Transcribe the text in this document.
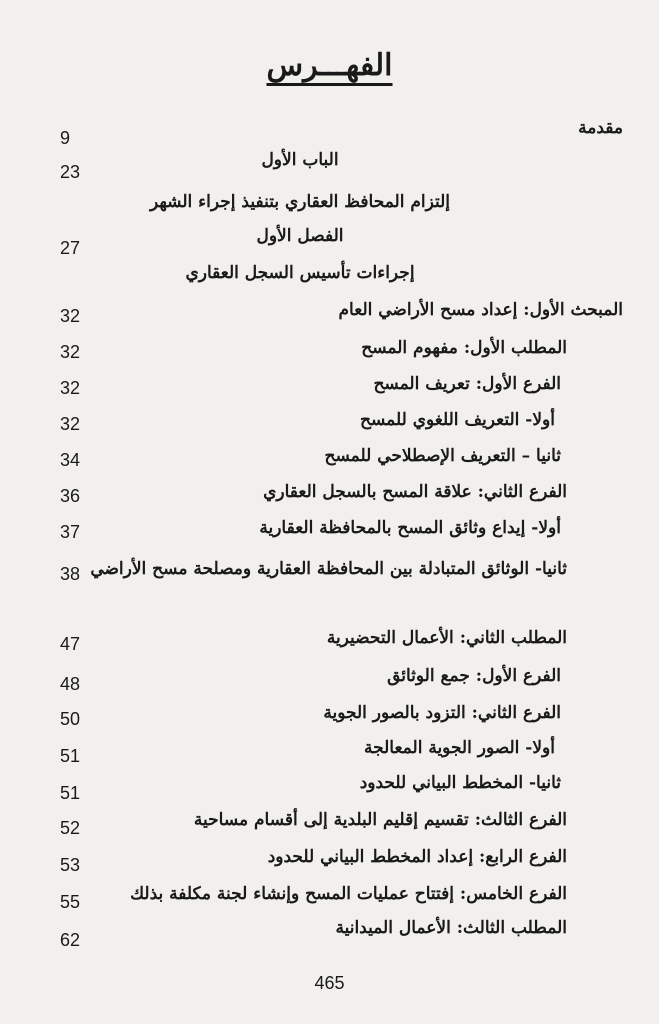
الفهـــرس
مقدمة
9
الباب الأول
23
إلتزام المحافظ العقاري بتنفيذ إجراء الشهر
الفصل الأول
27
إجراءات تأسيس السجل العقاري
المبحث الأول: إعداد مسح الأراضي العام
32
المطلب الأول: مفهوم المسح
32
الفرع الأول: تعريف المسح
32
أولا- التعريف اللغوي للمسح
32
ثانيا – التعريف الإصطلاحي للمسح
34
الفرع الثاني: علاقة المسح بالسجل العقاري
36
أولا- إيداع وثائق المسح بالمحافظة العقارية
37
ثانيا- الوثائق المتبادلة بين المحافظة العقارية ومصلحة مسح الأراضي
38
المطلب الثاني: الأعمال التحضيرية
47
الفرع الأول: جمع الوثائق
48
الفرع الثاني: التزود بالصور الجوية
50
أولا- الصور الجوية المعالجة
51
ثانيا- المخطط البياني للحدود
51
الفرع الثالث: تقسيم إقليم البلدية إلى أقسام مساحية
52
الفرع الرابع: إعداد المخطط البياني للحدود
53
الفرع الخامس: إفتتاح عمليات المسح وإنشاء لجنة مكلفة بذلك
55
المطلب الثالث: الأعمال الميدانية
62
465
